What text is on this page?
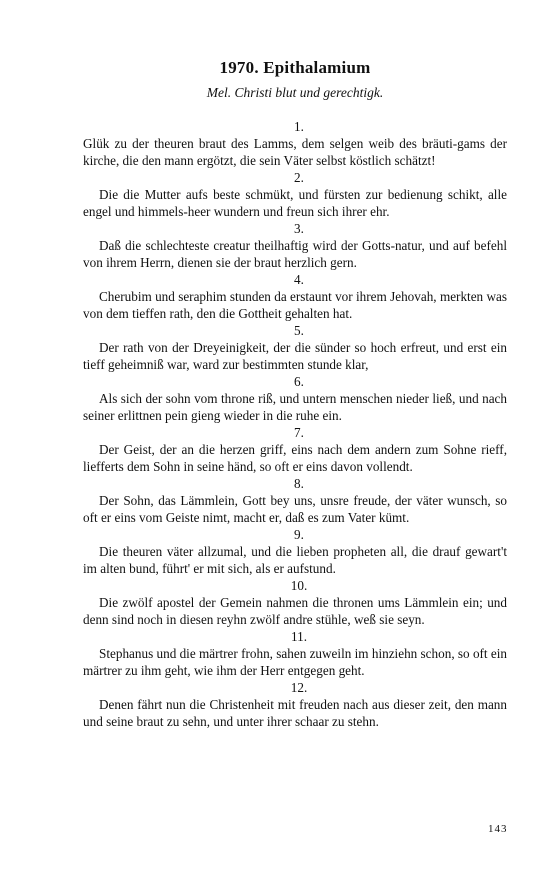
1970. Epithalamium
Mel. Christi blut und gerechtigk.

1.

Glük zu der theuren braut des Lamms, dem selgen weib des bräuti-gams der kirche, die den mann ergötzt, die sein Väter selbst köstlich schätzt!

2.

Die die Mutter aufs beste schmükt, und fürsten zur bedienung schikt, alle engel und himmels-heer wundern und freun sich ihrer ehr.

3.

Daß die schlechteste creatur theilhaftig wird der Gotts-natur, und auf befehl von ihrem Herrn, dienen sie der braut herzlich gern.

4.

Cherubim und seraphim stunden da erstaunt vor ihrem Jehovah, merkten was von dem tieffen rath, den die Gottheit gehalten hat.

5.

Der rath von der Dreyeinigkeit, der die sünder so hoch erfreut, und erst ein tieff geheimniß war, ward zur bestimmten stunde klar,

6.

Als sich der sohn vom throne riß, und untern menschen nieder ließ, und nach seiner erlittnen pein gieng wieder in die ruhe ein.

7.

Der Geist, der an die herzen griff, eins nach dem andern zum Sohne rieff, liefferts dem Sohn in seine händ, so oft er eins davon vollendt.

8.

Der Sohn, das Lämmlein, Gott bey uns, unsre freude, der väter wunsch, so oft er eins vom Geiste nimt, macht er, daß es zum Vater kümt.

9.

Die theuren väter allzumal, und die lieben propheten all, die drauf gewart't im alten bund, führt' er mit sich, als er aufstund.

10.

Die zwölf apostel der Gemein nahmen die thronen ums Lämmlein ein; und denn sind noch in diesen reyhn zwölf andre stühle, weß sie seyn.

11.

Stephanus und die märtrer frohn, sahen zuweiln im hinziehn schon, so oft ein märtrer zu ihm geht, wie ihm der Herr entgegen geht.

12.

Denen fährt nun die Christenheit mit freuden nach aus dieser zeit, den mann und seine braut zu sehn, und unter ihrer schaar zu stehn.

143
